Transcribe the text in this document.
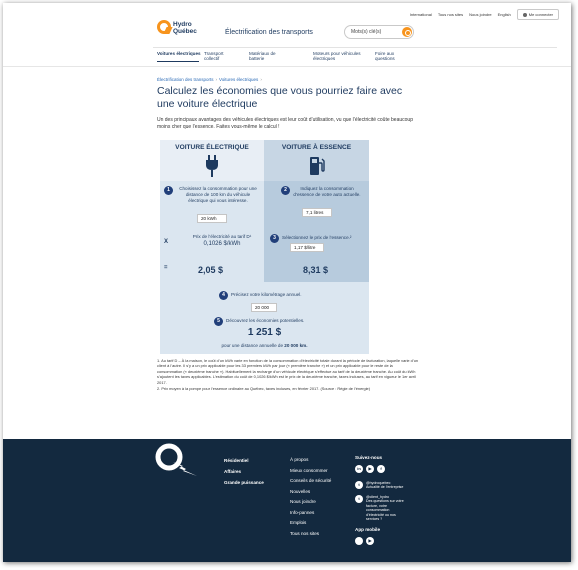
International Tous nos sites Nous joindre English	Me connecter
Hydro
Québec	Électrification des transports	Mots(s) clé(s)
Voitures électriques Transport
collectif
Matériaux de
batterie
Moteurs pour véhicules
électriques
Foire aux
questions
Électrification des transports › Voitures électriques ›
Calculez les économies que vous pourriez faire avec une voiture électrique

Un des principaux avantages des véhicules électriques est leur coût d’utilisation, vu que l’électricité coûte beaucoup moins cher que l’essence. Faites vous-même le calcul !

VOITURE ÉLECTRIQUE	VOITURE À ESSENCE
1	Choisissez la consommation pour une distance de 100 km du véhicule électrique qui vous intéresse.
20 kWh
2	Indiquez la consommation d’essence de votre auto actuelle.
7,1 litres
X
Prix de l’électricité au tarif D¹
0,1026 $/kWh
3	Sélectionnez le prix de l’essence.²
1,17 $/litre
=	2,05 $	8,31 $
4	Précisez votre kilométrage annuel.
20 000
5	Découvrez les économies potentielles.
1 251 $
pour une distance annuelle de 20 000 km.

1. Au tarif D – À la maison, le coût d’un kWh varie en fonction de la consommation d’électricité totale durant la période de facturation, laquelle varie d’un client à l’autre. Il s’y a un prix applicable pour les 33 premiers kWh par jour (« première tranche ») et un prix applicable pour le reste de la consommation (« deuxième tranche »). Habituellement la recharge d’un véhicule électrique s’effectue au tarif de la deuxième tranche. Au coût du kWh s’ajoutent les taxes applicables. L’estimation du coût de 0,1026 $/kWh est le prix de la deuxième tranche, taxes incluses, au tarif en vigueur le 1er avril 2017.

2. Prix moyen à la pompe pour l’essence ordinaire au Québec, taxes incluses, en février 2017. (Source : Régie de l’énergie)

Résidentiel
Affaires
Grande puissance
À propos
Mieux consommer
Conseils de sécurité
Nouvelles
Nous joindre
Info-pannes
Emplois
Tous nos sites
Suivez-nous
in	▶	f
t	@hydroquebec
Actualité de l’entreprise
t	@client_hydro
Des questions sur votre facture, votre consommation d’électricité ou nos services ?
App mobile
▶
